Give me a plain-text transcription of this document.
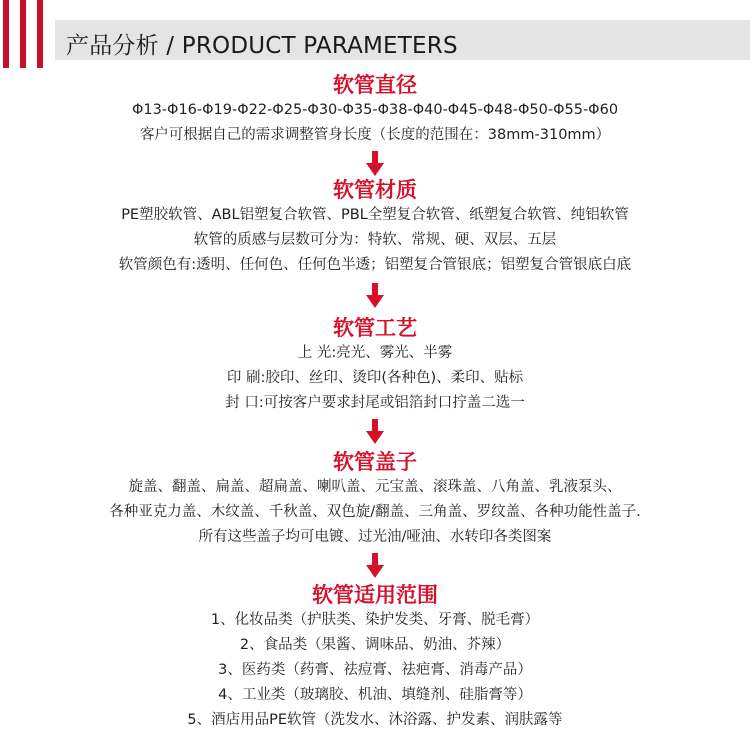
产品分析 / PRODUCT PARAMETERS
软管直径
Φ13-Φ16-Φ19-Φ22-Φ25-Φ30-Φ35-Φ38-Φ40-Φ45-Φ48-Φ50-Φ55-Φ60
客户可根据自己的需求调整管身长度（长度的范围在：38mm-310mm）
软管材质
PE塑胶软管、ABL铝塑复合软管、PBL全塑复合软管、纸塑复合软管、纯铝软管
软管的质感与层数可分为：特软、常规、硬、双层、五层
软管颜色有:透明、任何色、任何色半透；铝塑复合管银底；铝塑复合管银底白底
软管工艺
上 光:亮光、雾光、半雾
印 刷:胶印、丝印、烫印(各种色)、柔印、贴标
封 口:可按客户要求封尾或铝箔封口拧盖二选一
软管盖子
旋盖、翻盖、扁盖、超扁盖、喇叭盖、元宝盖、滚珠盖、八角盖、乳液泵头、
各种亚克力盖、木纹盖、千秋盖、双色旋/翻盖、三角盖、罗纹盖、各种功能性盖子.
所有这些盖子均可电镀、过光油/哑油、水转印各类图案
软管适用范围
1、化妆品类（护肤类、染护发类、牙膏、脱毛膏）
2、食品类（果酱、调味品、奶油、芥辣）
3、医药类（药膏、祛痘膏、祛疤膏、消毒产品）
4、工业类（玻璃胶、机油、填缝剂、硅脂膏等）
5、酒店用品PE软管（洗发水、沐浴露、护发素、润肤露等
